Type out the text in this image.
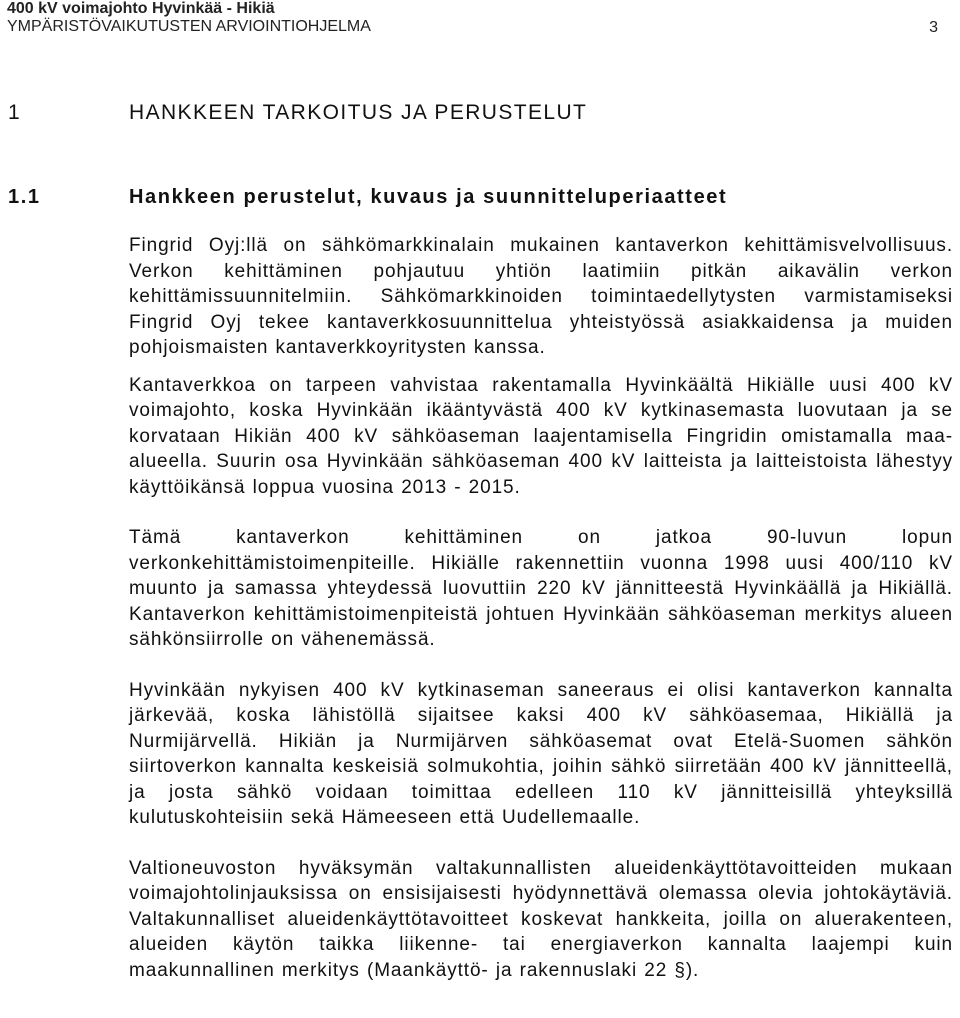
400 kV voimajohto Hyvinkää - Hikiä
YMPÄRISTÖVAIKUTUSTEN ARVIOINTIOHJELMA	3
1	HANKKEEN TARKOITUS JA PERUSTELUT
1.1	Hankkeen perustelut, kuvaus ja suunnitteluperiaatteet

Fingrid Oyj:llä on sähkömarkkinalain mukainen kantaverkon kehittämisvelvollisuus. Verkon kehittäminen pohjautuu yhtiön laatimiin pitkän aikavälin verkon kehittämissuunnitelmiin. Sähkömarkkinoiden toimintaedellytysten varmistamiseksi Fingrid Oyj tekee kantaverkkosuunnittelua yhteistyössä asiakkaidensa ja muiden pohjoismaisten kantaverkkoyritysten kanssa.

Kantaverkkoa on tarpeen vahvistaa rakentamalla Hyvinkäältä Hikiälle uusi 400 kV voimajohto, koska Hyvinkään ikääntyvästä 400 kV kytkinasemasta luovutaan ja se korvataan Hikiän 400 kV sähköaseman laajentamisella Fingridin omistamalla maa-alueella. Suurin osa Hyvinkään sähköaseman 400 kV laitteista ja laitteistoista lähestyy käyttöikänsä loppua vuosina 2013 - 2015.

Tämä kantaverkon kehittäminen on jatkoa 90-luvun lopun verkonkehittämistoimenpiteille. Hikiälle rakennettiin vuonna 1998 uusi 400/110 kV muunto ja samassa yhteydessä luovuttiin 220 kV jännitteestä Hyvinkäällä ja Hikiällä. Kantaverkon kehittämistoimenpiteistä johtuen Hyvinkään sähköaseman merkitys alueen sähkönsiirrolle on vähenemässä.

Hyvinkään nykyisen 400 kV kytkinaseman saneeraus ei olisi kantaverkon kannalta järkevää, koska lähistöllä sijaitsee kaksi 400 kV sähköasemaa, Hikiällä ja Nurmijärvellä. Hikiän ja Nurmijärven sähköasemat ovat Etelä-Suomen sähkön siirtoverkon kannalta keskeisiä solmukohtia, joihin sähkö siirretään 400 kV jännitteellä, ja josta sähkö voidaan toimittaa edelleen 110 kV jännitteisillä yhteyksillä kulutuskohteisiin sekä Hämeeseen että Uudellemaalle.

Valtioneuvoston hyväksymän valtakunnallisten alueidenkäyttötavoitteiden mukaan voimajohtolinjauksissa on ensisijaisesti hyödynnettävä olemassa olevia johtokäytäviä. Valtakunnalliset alueidenkäyttötavoitteet koskevat hankkeita, joilla on aluerakenteen, alueiden käytön taikka liikenne- tai energiaverkon kannalta laajempi kuin maakunnallinen merkitys (Maankäyttö- ja rakennuslaki 22 §).
